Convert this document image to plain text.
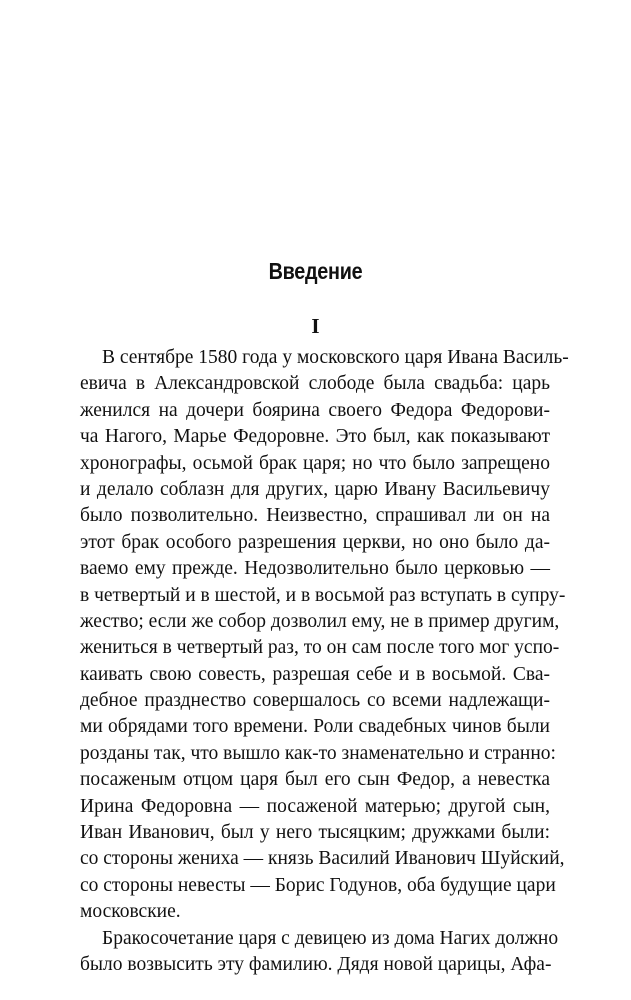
Введение
I
В сентябре 1580 года у московского царя Ивана Василь-
евича в Александровской слободе была свадьба: царь
женился на дочери боярина своего Федора Федорови-
ча Нагого, Марье Федоровне. Это был, как показывают
хронографы, осьмой брак царя; но что было запрещено
и делало соблазн для других, царю Ивану Васильевичу
было позволительно. Неизвестно, спрашивал ли он на
этот брак особого разрешения церкви, но оно было да-
ваемо ему прежде. Недозволительно было церковью —
в четвертый и в шестой, и в восьмой раз вступать в супру-
жество; если же собор дозволил ему, не в пример другим,
жениться в четвертый раз, то он сам после того мог успо-
каивать свою совесть, разрешая себе и в восьмой. Сва-
дебное празднество совершалось со всеми надлежащи-
ми обрядами того времени. Роли свадебных чинов были
розданы так, что вышло как-то знаменательно и странно:
посаженым отцом царя был его сын Федор, а невестка
Ирина Федоровна — посаженой матерью; другой сын,
Иван Иванович, был у него тысяцким; дружками были:
со стороны жениха — князь Василий Иванович Шуйский,
со стороны невесты — Борис Годунов, оба будущие цари
московские.
Бракосочетание царя с девицею из дома Нагих должно
было возвысить эту фамилию. Дядя новой царицы, Афа-
